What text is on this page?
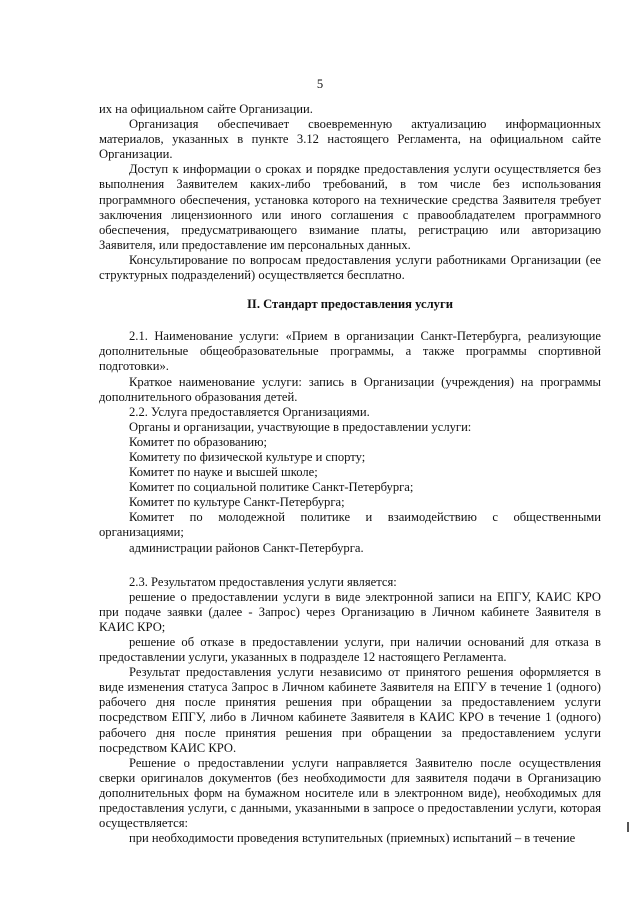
5

их на официальном сайте Организации.

Организация обеспечивает своевременную актуализацию информационных материалов, указанных в пункте 3.12 настоящего Регламента, на официальном сайте Организации.

Доступ к информации о сроках и порядке предоставления услуги осуществляется без выполнения Заявителем каких-либо требований, в том числе без использования программного обеспечения, установка которого на технические средства Заявителя требует заключения лицензионного или иного соглашения с правообладателем программного обеспечения, предусматривающего взимание платы, регистрацию или авторизацию Заявителя, или предоставление им персональных данных.

Консультирование по вопросам предоставления услуги работниками Организации (ее структурных подразделений) осуществляется бесплатно.

II. Стандарт предоставления услуги

2.1. Наименование услуги: «Прием в организации Санкт-Петербурга, реализующие дополнительные общеобразовательные программы, а также программы спортивной подготовки».

Краткое наименование услуги: запись в Организации (учреждения) на программы дополнительного образования детей.

2.2. Услуга предоставляется Организациями.

Органы и организации, участвующие в предоставлении услуги:

Комитет по образованию;

Комитету по физической культуре и спорту;

Комитет по науке и высшей школе;

Комитет по социальной политике Санкт-Петербурга;

Комитет по культуре Санкт-Петербурга;

Комитет по молодежной политике и взаимодействию с общественными организациями;

администрации районов Санкт-Петербурга.

2.3. Результатом предоставления услуги является:

решение о предоставлении услуги в виде электронной записи на ЕПГУ, КАИС КРО при подаче заявки (далее - Запрос) через Организацию в Личном кабинете Заявителя в КАИС КРО;

решение об отказе в предоставлении услуги, при наличии оснований для отказа в предоставлении услуги, указанных в подразделе 12 настоящего Регламента.

Результат предоставления услуги независимо от принятого решения оформляется в виде изменения статуса Запрос в Личном кабинете Заявителя на ЕПГУ в течение 1 (одного) рабочего дня после принятия решения при обращении за предоставлением услуги посредством ЕПГУ, либо в Личном кабинете Заявителя в КАИС КРО в течение 1 (одного) рабочего дня после принятия решения при обращении за предоставлением услуги посредством КАИС КРО.

Решение о предоставлении услуги направляется Заявителю после осуществления сверки оригиналов документов (без необходимости для заявителя подачи в Организацию дополнительных форм на бумажном носителе или в электронном виде), необходимых для предоставления услуги, с данными, указанными в запросе о предоставлении услуги, которая осуществляется:

при необходимости проведения вступительных (приемных) испытаний – в течение
